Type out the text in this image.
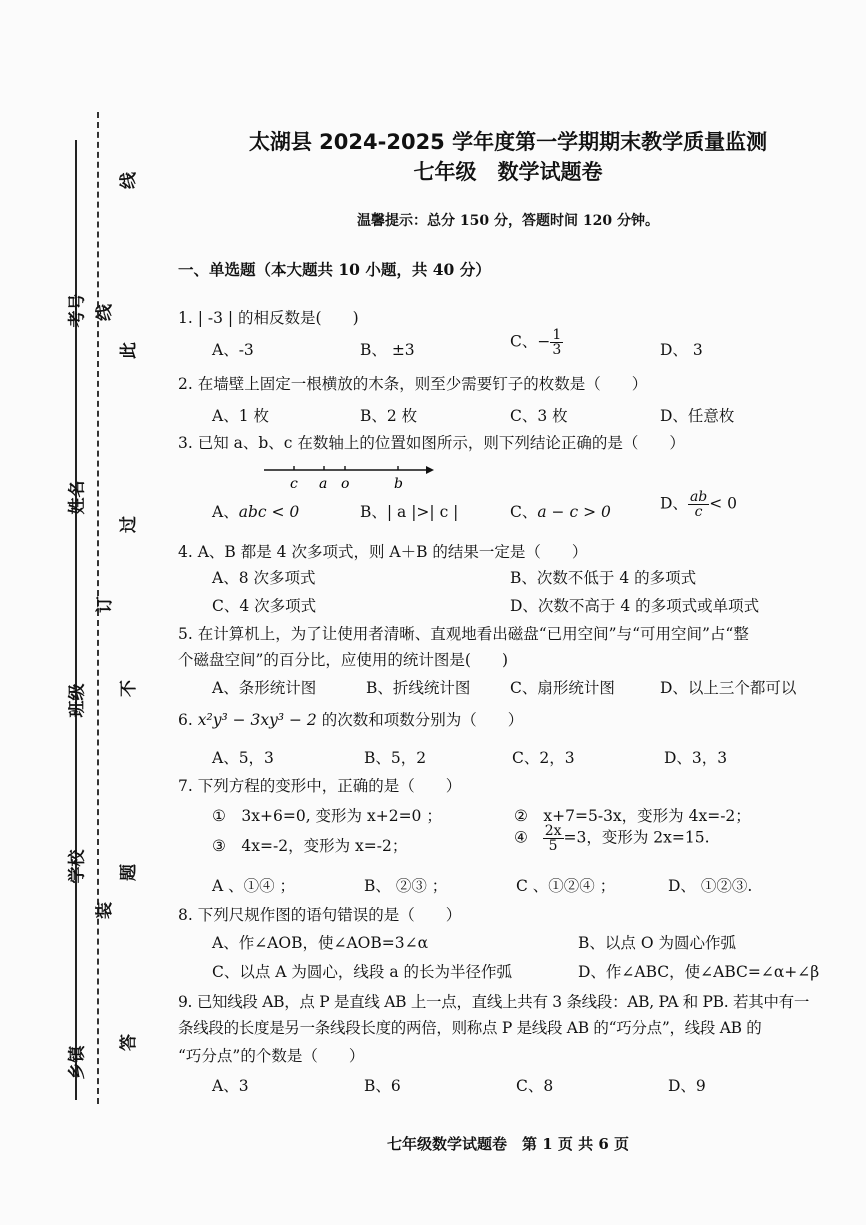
考号
姓名
班级
学校
乡镇
线
订
装
线
此
过
不
题
答
太湖县 2024-2025 学年度第一学期期末教学质量监测
七年级　数学试题卷
温馨提示：总分 150 分，答题时间 120 分钟。
一、单选题（本大题共 10 小题，共 40 分）
1. | -3 | 的相反数是(　　)
A、-3	B、 ±3	C、− $\frac{1}{3}$	D、 3
2. 在墙壁上固定一根横放的木条，则至少需要钉子的枚数是（　　）
A、1 枚	B、2 枚	C、3 枚	D、任意枚
3. 已知 a、b、c 在数轴上的位置如图所示，则下列结论正确的是（　　）
c a o	b
A、abc < 0	B、| a |>| c |	C、a − c > 0	D、 $\frac{ab}{c} < 0$
4. A、B 都是 4 次多项式，则 A＋B 的结果一定是（　　）
A、8 次多项式	B、次数不低于 4 的多项式
C、4 次多项式	D、次数不高于 4 的多项式或单项式
5. 在计算机上，为了让使用者清晰、直观地看出磁盘“已用空间”与“可用空间”占“整
个磁盘空间”的百分比，应使用的统计图是(　　)
A、条形统计图	B、折线统计图	C、扇形统计图	D、以上三个都可以
6. x²y³ − 3xy³ − 2 的次数和项数分别为（　　）
A、5，3	B、5，2	C、2，3	D、3，3
7. 下列方程的变形中，正确的是（　　）
①　3x+6=0, 变形为 x+2=0 ；	②　x+7=5-3x，变形为 4x=-2；
③　4x=-2，变形为 x=-2；	④ $\frac{2x}{5} =3$，变形为 2x=15.
A 、①④ ；	B、 ②③ ；	C 、①②④ ；	D、 ①②③.
8. 下列尺规作图的语句错误的是（　　）
A、作∠AOB，使∠AOB=3∠α	B、以点 O 为圆心作弧
C、以点 A 为圆心，线段 a 的长为半径作弧	D、作∠ABC，使∠ABC=∠α+∠β
9. 已知线段 AB，点 P 是直线 AB 上一点，直线上共有 3 条线段：AB, PA 和 PB. 若其中有一
条线段的长度是另一条线段长度的两倍，则称点 P 是线段 AB 的“巧分点”，线段 AB 的
“巧分点”的个数是（　　）
A、3	B、6	C、8	D、9
七年级数学试题卷　第 1 页 共 6 页
